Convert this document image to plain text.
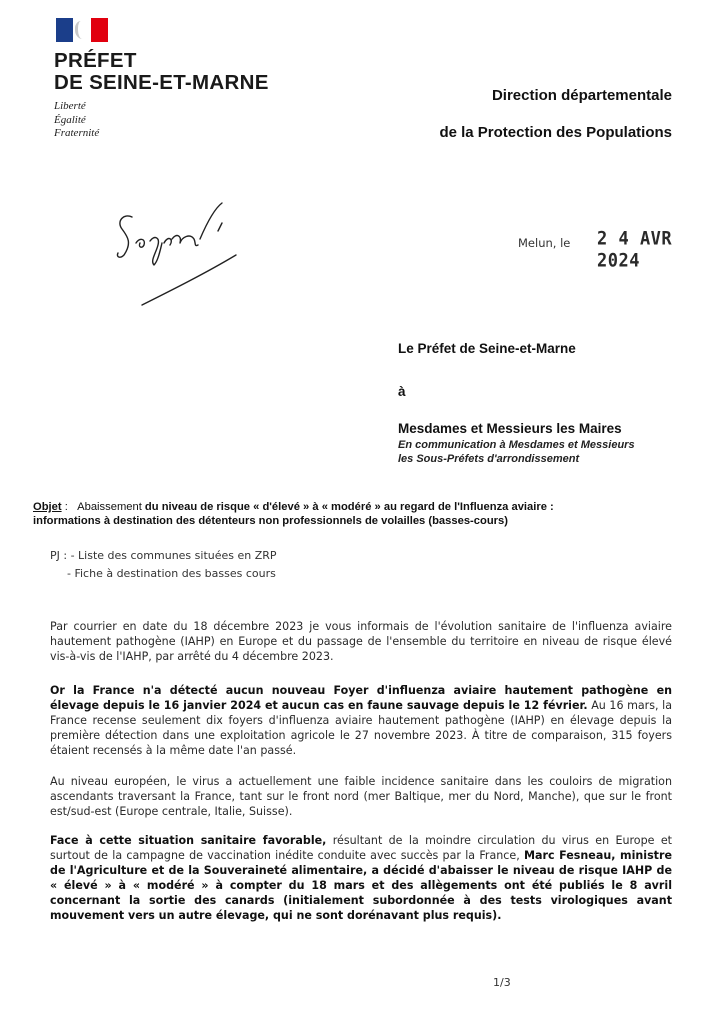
PRÉFET
DE SEINE-ET-MARNE
Liberté
Égalité
Fraternité
Direction départementale
de la Protection des Populations
Melun, le 2 4 AVR 2024
Le Préfet de Seine-et-Marne
à
Mesdames et Messieurs les Maires
En communication à Mesdames et Messieurs
les Sous-Préfets d'arrondissement
Objet : Abaissement du niveau de risque « d'élevé » à « modéré » au regard de l'Influenza aviaire :
informations à destination des détenteurs non professionnels de volailles (basses-cours)
PJ : - Liste des communes situées en ZRP
- Fiche à destination des basses cours
Par courrier en date du 18 décembre 2023 je vous informais de l'évolution sanitaire de l'influenza aviaire hautement pathogène (IAHP) en Europe et du passage de l'ensemble du territoire en niveau de risque élevé vis-à-vis de l'IAHP, par arrêté du 4 décembre 2023.
Or la France n'a détecté aucun nouveau Foyer d'influenza aviaire hautement pathogène en élevage depuis le 16 janvier 2024 et aucun cas en faune sauvage depuis le 12 février. Au 16 mars, la France recense seulement dix foyers d'influenza aviaire hautement pathogène (IAHP) en élevage depuis la première détection dans une exploitation agricole le 27 novembre 2023. À titre de comparaison, 315 foyers étaient recensés à la même date l'an passé.
Au niveau européen, le virus a actuellement une faible incidence sanitaire dans les couloirs de migration ascendants traversant la France, tant sur le front nord (mer Baltique, mer du Nord, Manche), que sur le front est/sud-est (Europe centrale, Italie, Suisse).
Face à cette situation sanitaire favorable, résultant de la moindre circulation du virus en Europe et surtout de la campagne de vaccination inédite conduite avec succès par la France, Marc Fesneau, ministre de l'Agriculture et de la Souveraineté alimentaire, a décidé d'abaisser le niveau de risque IAHP de « élevé » à « modéré » à compter du 18 mars et des allègements ont été publiés le 8 avril concernant la sortie des canards (initialement subordonnée à des tests virologiques avant mouvement vers un autre élevage, qui ne sont dorénavant plus requis).
1/3
